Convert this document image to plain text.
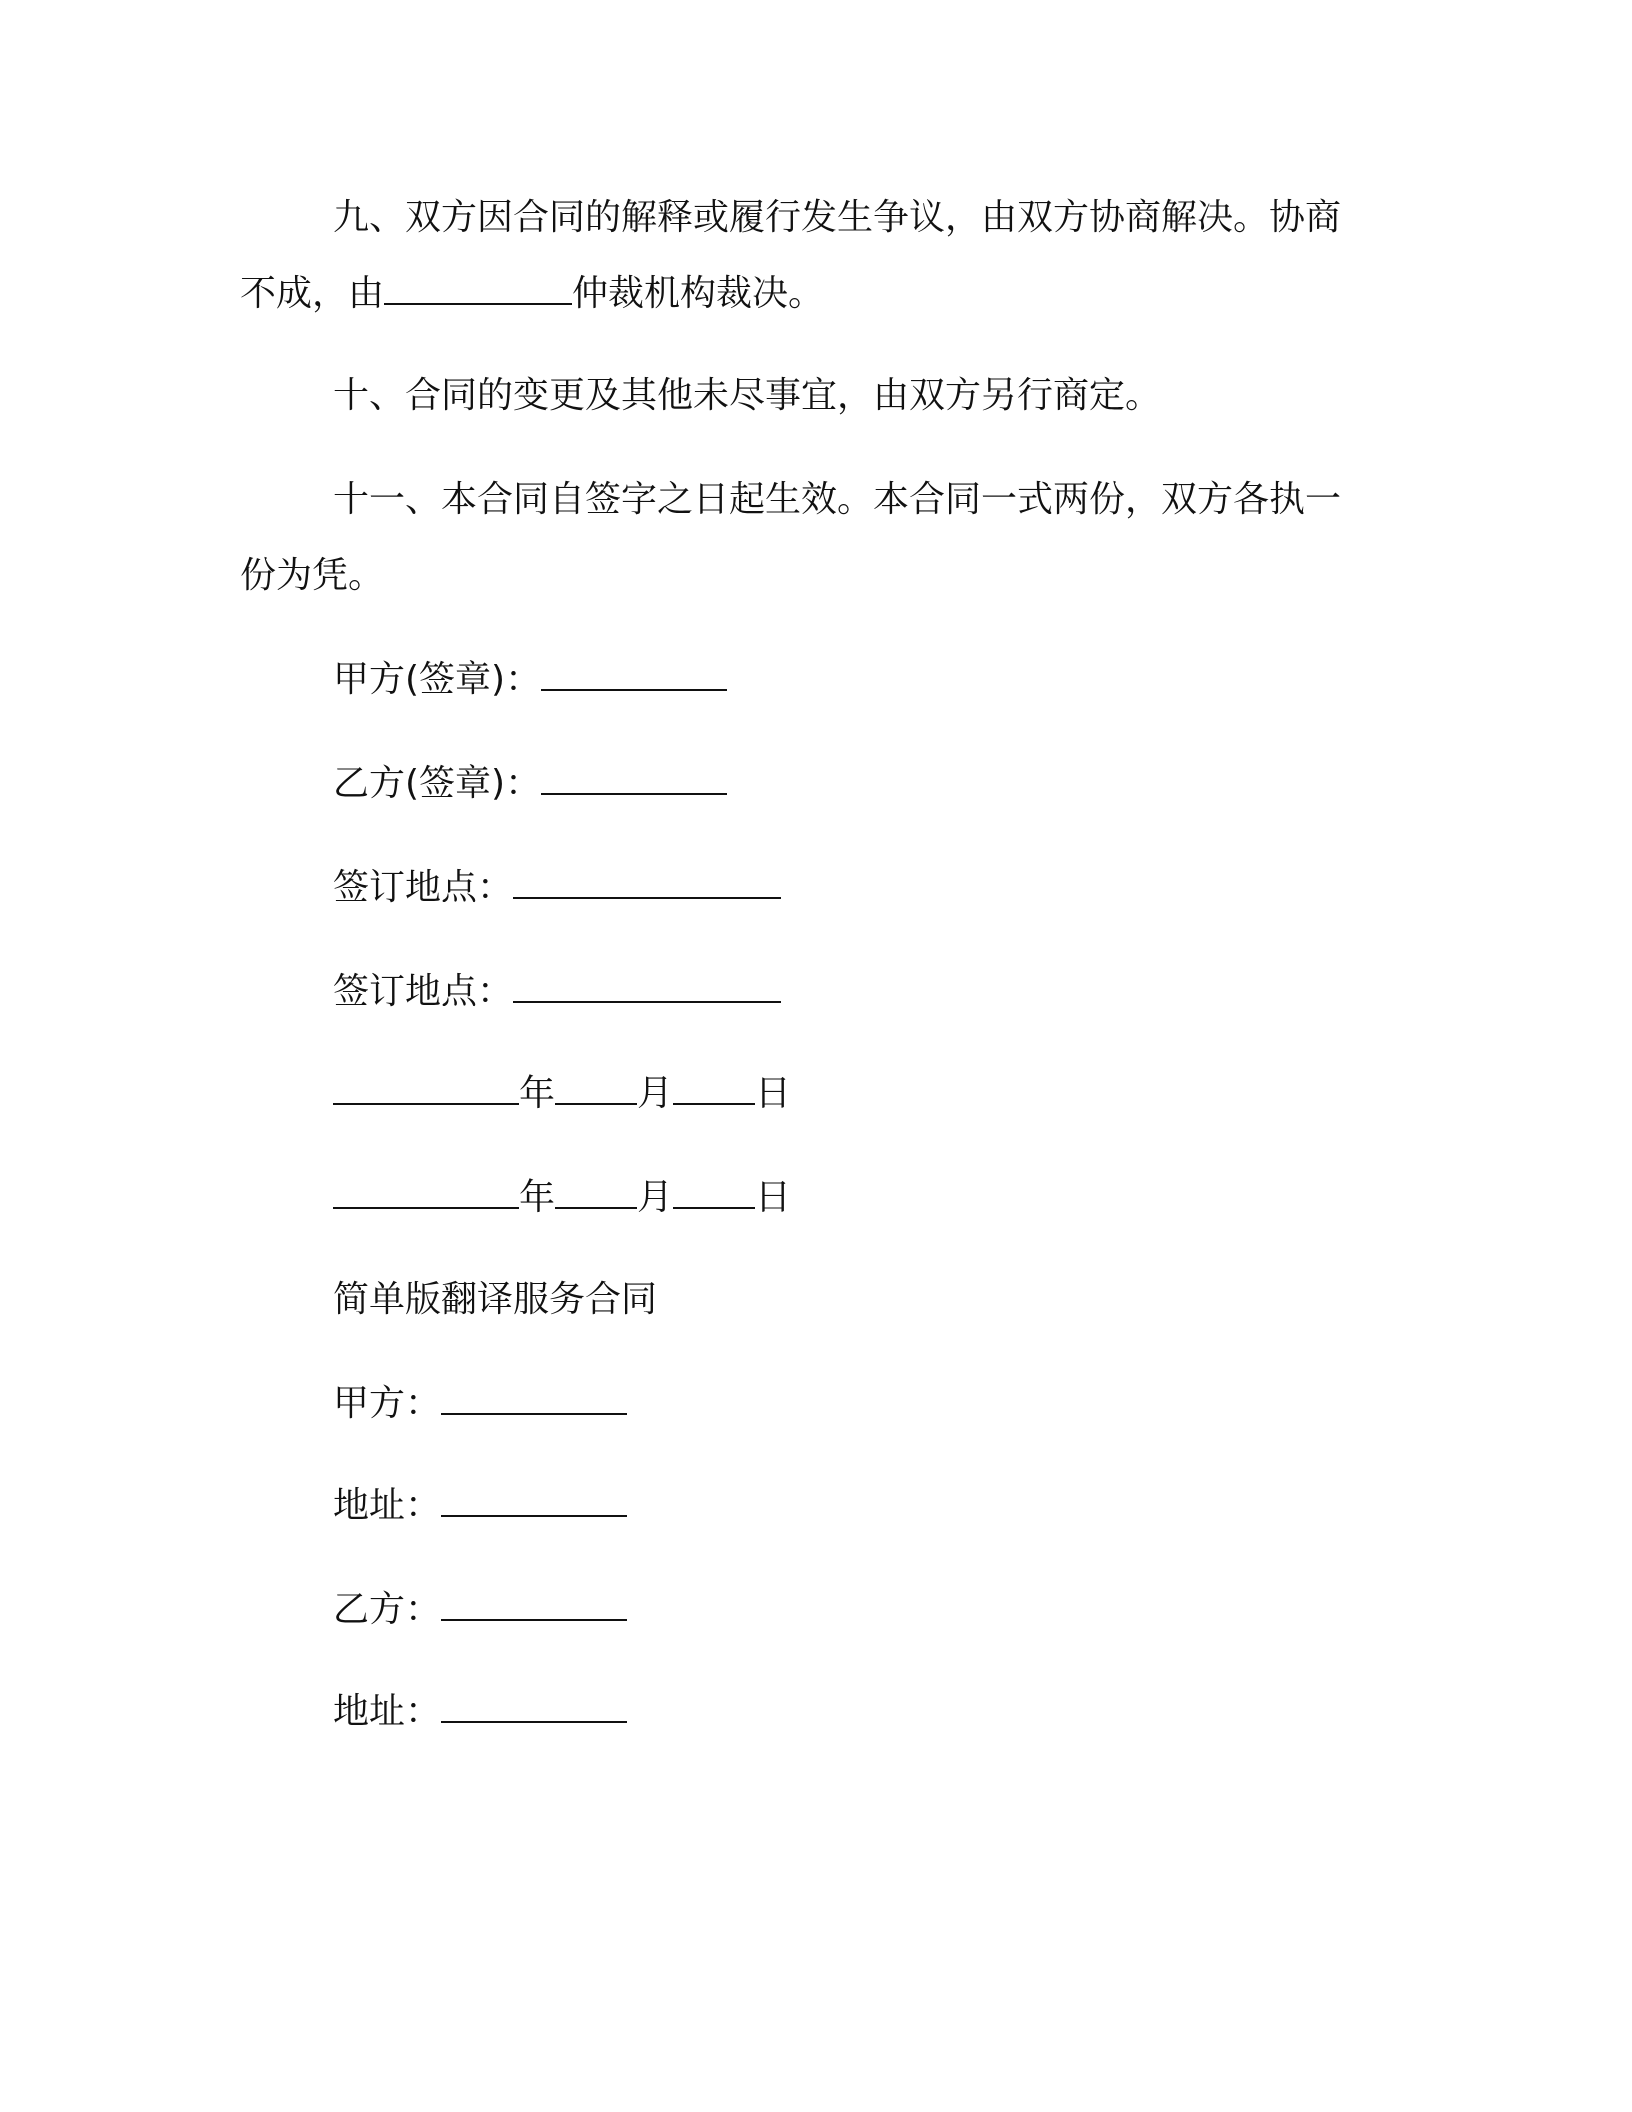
九、双方因合同的解释或履行发生争议，由双方协商解决。协商

不成，由	仲裁机构裁决。

十、合同的变更及其他未尽事宜，由双方另行商定。

十一、本合同自签字之日起生效。本合同一式两份，双方各执一

份为凭。

甲方(签章)：

乙方(签章)：

签订地点：

签订地点：

年 月 日

年 月 日

简单版翻译服务合同

甲方：

地址：

乙方：

地址：
